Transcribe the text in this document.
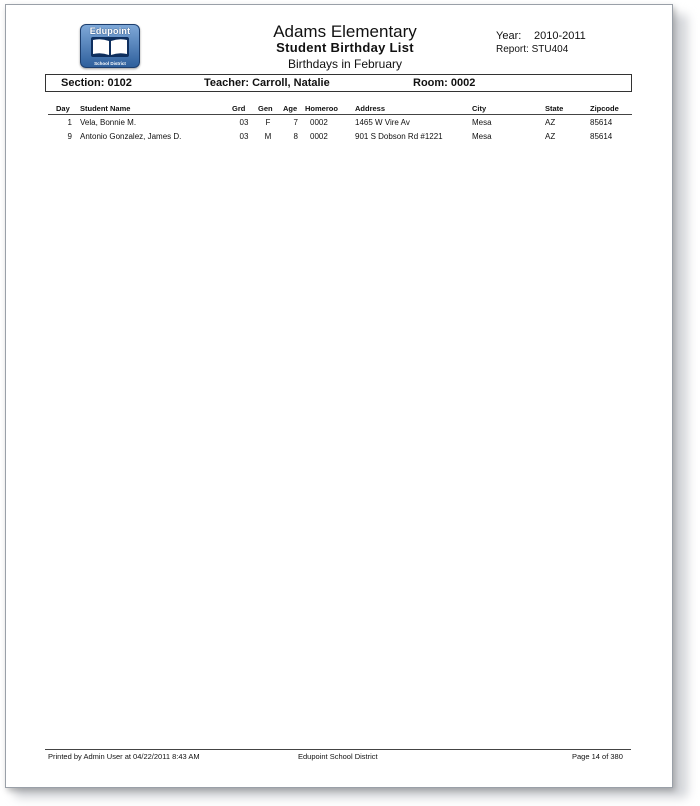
Edupoint
School District
Adams Elementary
Student Birthday List
Birthdays in February
Year: 2010-2011
Report: STU404
Section: 0102	Teacher: Carroll, Natalie	Room: 0002
Day Student Name	Grd Gen Age Homeroo Address	City	State	Zipcode
1 Vela, Bonnie M.	03	F	7 0002	1465 W Vire Av	Mesa	AZ	85614
9 Antonio Gonzalez, James D.	03	M	8 0002	901 S Dobson Rd #1221	Mesa	AZ	85614
Printed by Admin User at 04/22/2011 8:43 AM	Edupoint School District	Page 14 of 380
